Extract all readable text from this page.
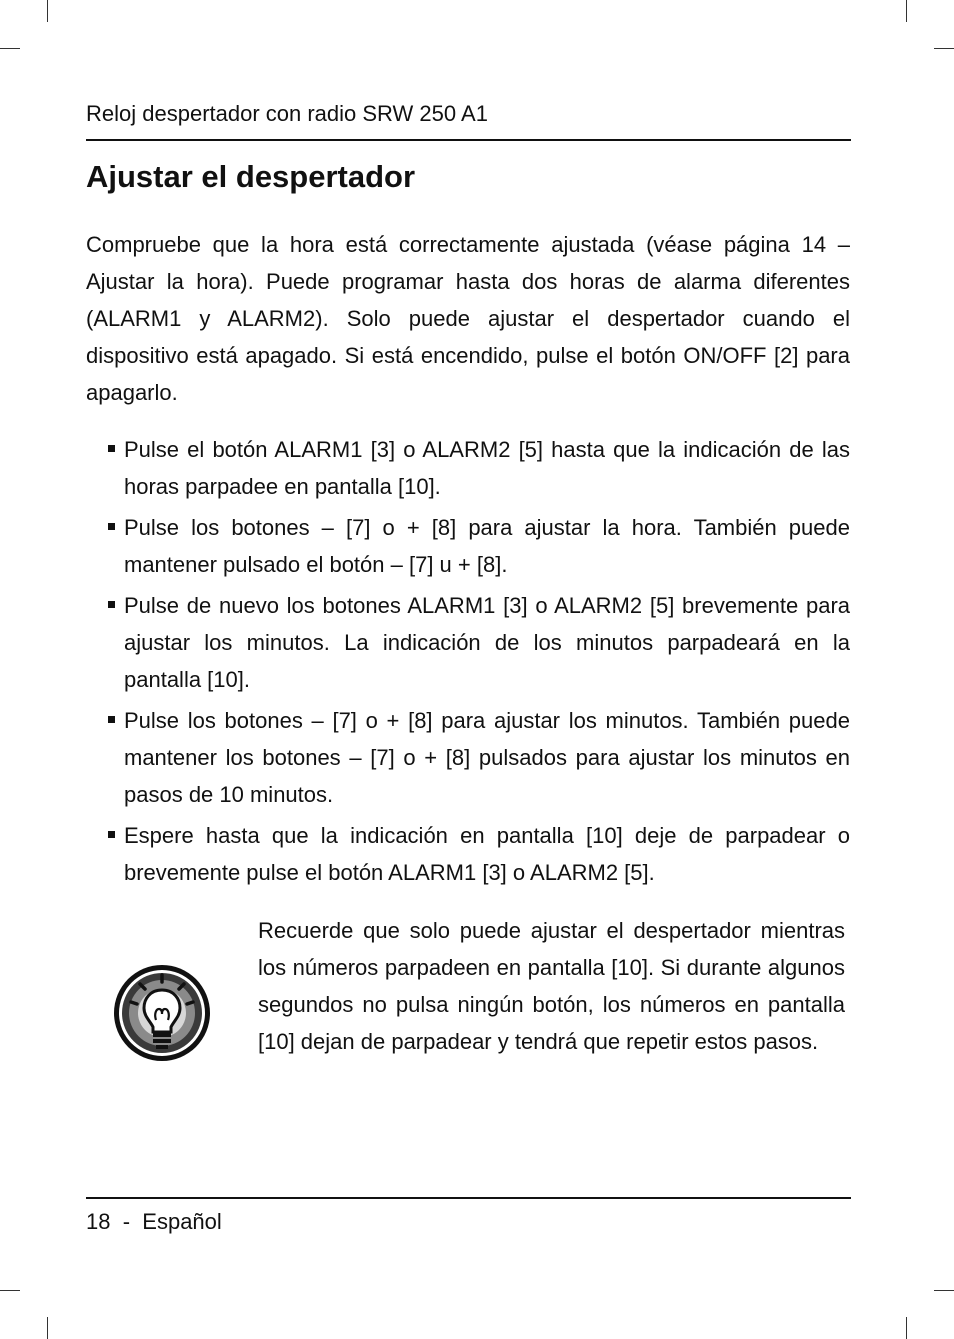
Reloj despertador con radio SRW 250 A1
Ajustar el despertador

Compruebe que la hora está correctamente ajustada (véase página 14 – Ajustar la hora). Puede programar hasta dos horas de alarma diferentes (ALARM1 y ALARM2). Solo puede ajustar el despertador cuando el dispositivo está apagado. Si está encendido, pulse el botón ON/OFF [2] para apagarlo.

Pulse el botón ALARM1 [3] o ALARM2 [5] hasta que la indicación de las horas parpadee en pantalla [10].
Pulse los botones – [7] o + [8] para ajustar la hora. También puede mantener pulsado el botón – [7] u + [8].
Pulse de nuevo los botones ALARM1 [3] o ALARM2 [5] brevemente para ajustar los minutos. La indicación de los minutos parpadeará en la pantalla [10].
Pulse los botones – [7] o + [8] para ajustar los minutos. También puede mantener los botones – [7] o + [8] pulsados para ajustar los minutos en pasos de 10 minutos.
Espere hasta que la indicación en pantalla [10] deje de parpadear o brevemente pulse el botón ALARM1 [3] o ALARM2 [5].

Recuerde que solo puede ajustar el despertador mientras los números parpadeen en pantalla [10]. Si durante algunos segundos no pulsa ningún botón, los números en pantalla [10] dejan de parpadear y tendrá que repetir estos pasos.

18 - Español
